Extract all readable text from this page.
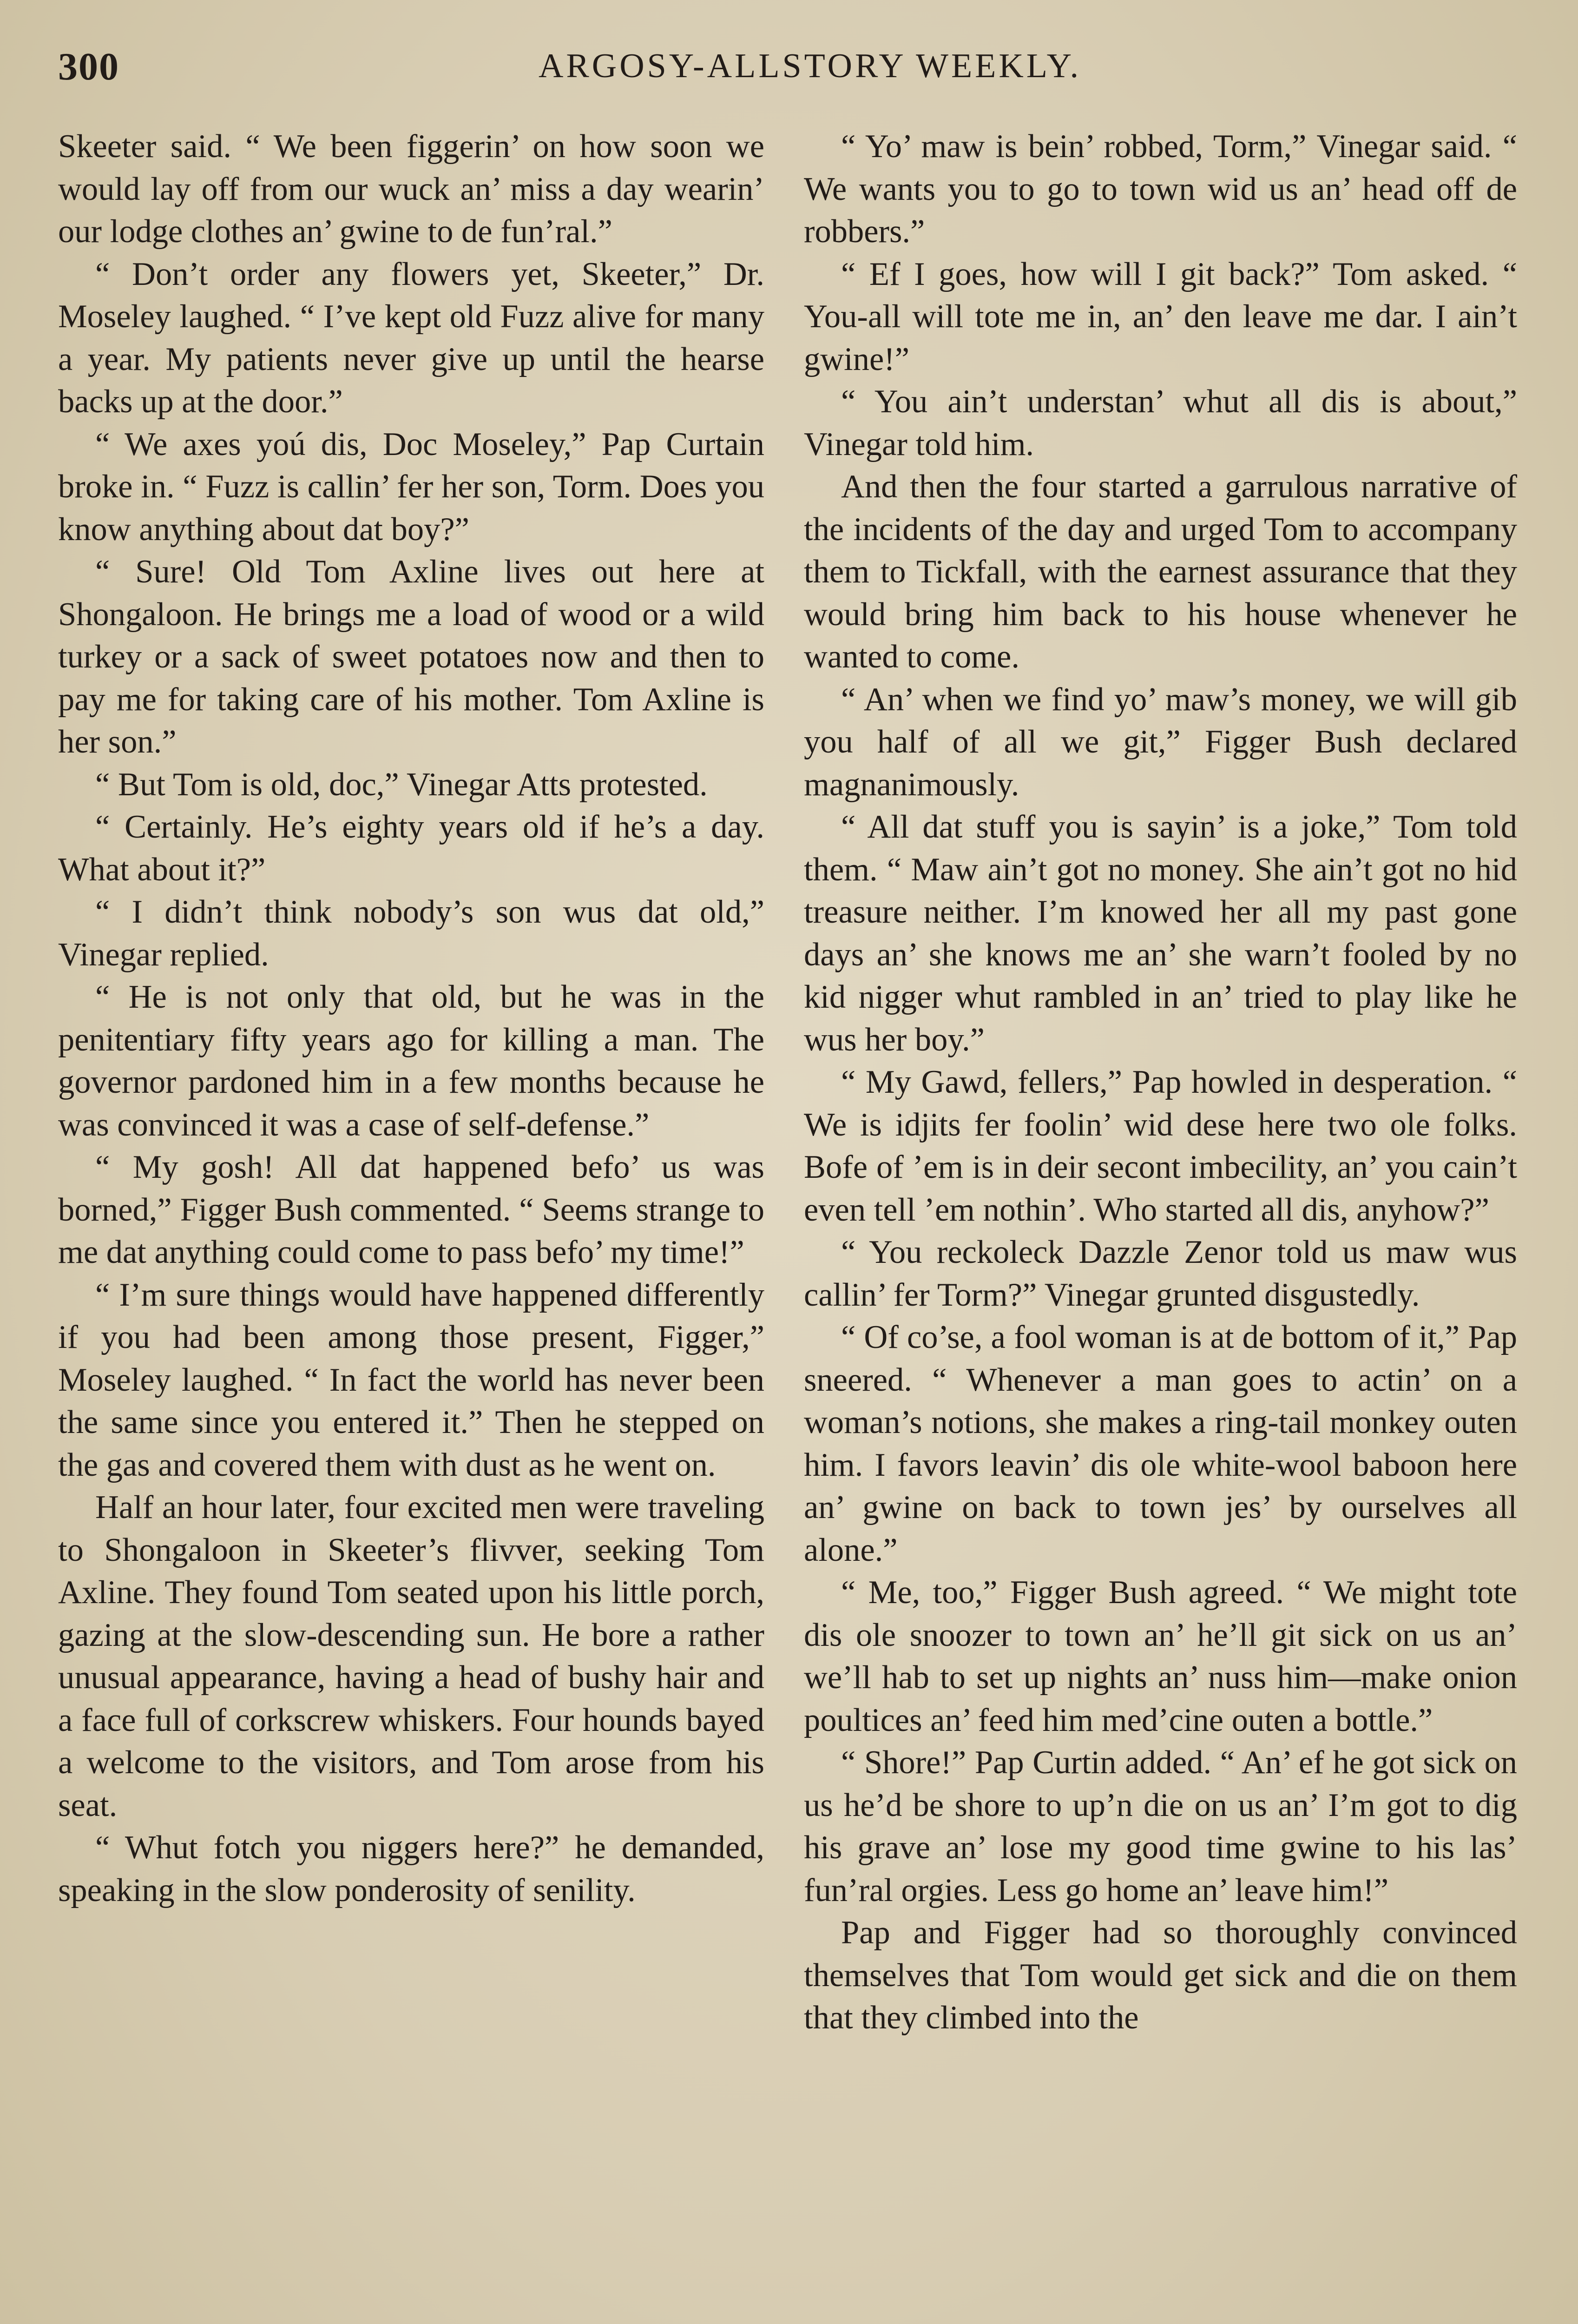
300	ARGOSY-ALLSTORY WEEKLY.

Skeeter said. “ We been figgerin’ on how soon we would lay off from our wuck an’ miss a day wearin’ our lodge clothes an’ gwine to de fun’ral.”

“ Don’t order any flowers yet, Skeeter,” Dr. Moseley laughed. “ I’ve kept old Fuzz alive for many a year. My patients never give up until the hearse backs up at the door.”

“ We axes yoú dis, Doc Moseley,” Pap Curtain broke in. “ Fuzz is callin’ fer her son, Torm. Does you know anything about dat boy?”

“ Sure! Old Tom Axline lives out here at Shongaloon. He brings me a load of wood or a wild turkey or a sack of sweet potatoes now and then to pay me for taking care of his mother. Tom Axline is her son.”

“ But Tom is old, doc,” Vinegar Atts protested.

“ Certainly. He’s eighty years old if he’s a day. What about it?”

“ I didn’t think nobody’s son wus dat old,” Vinegar replied.

“ He is not only that old, but he was in the penitentiary fifty years ago for killing a man. The governor pardoned him in a few months because he was convinced it was a case of self-defense.”

“ My gosh! All dat happened befo’ us was borned,” Figger Bush commented. “ Seems strange to me dat anything could come to pass befo’ my time!”

“ I’m sure things would have happened differently if you had been among those present, Figger,” Moseley laughed. “ In fact the world has never been the same since you entered it.” Then he stepped on the gas and covered them with dust as he went on.

Half an hour later, four excited men were traveling to Shongaloon in Skeeter’s flivver, seeking Tom Axline. They found Tom seated upon his little porch, gazing at the slow-descending sun. He bore a rather unusual appearance, having a head of bushy hair and a face full of corkscrew whiskers. Four hounds bayed a welcome to the visitors, and Tom arose from his seat.

“ Whut fotch you niggers here?” he demanded, speaking in the slow ponderosity of senility.

“ Yo’ maw is bein’ robbed, Torm,” Vinegar said. “ We wants you to go to town wid us an’ head off de robbers.”

“ Ef I goes, how will I git back?” Tom asked. “ You-all will tote me in, an’ den leave me dar. I ain’t gwine!”

“ You ain’t understan’ whut all dis is about,” Vinegar told him.

And then the four started a garrulous narrative of the incidents of the day and urged Tom to accompany them to Tickfall, with the earnest assurance that they would bring him back to his house whenever he wanted to come.

“ An’ when we find yo’ maw’s money, we will gib you half of all we git,” Figger Bush declared magnanimously.

“ All dat stuff you is sayin’ is a joke,” Tom told them. “ Maw ain’t got no money. She ain’t got no hid treasure neither. I’m knowed her all my past gone days an’ she knows me an’ she warn’t fooled by no kid nigger whut rambled in an’ tried to play like he wus her boy.”

“ My Gawd, fellers,” Pap howled in desperation. “ We is idjits fer foolin’ wid dese here two ole folks. Bofe of ’em is in deir secont imbecility, an’ you cain’t even tell ’em nothin’. Who started all dis, anyhow?”

“ You reckoleck Dazzle Zenor told us maw wus callin’ fer Torm?” Vinegar grunted disgustedly.

“ Of co’se, a fool woman is at de bottom of it,” Pap sneered. “ Whenever a man goes to actin’ on a woman’s notions, she makes a ring-tail monkey outen him. I favors leavin’ dis ole white-wool baboon here an’ gwine on back to town jes’ by ourselves all alone.”

“ Me, too,” Figger Bush agreed. “ We might tote dis ole snoozer to town an’ he’ll git sick on us an’ we’ll hab to set up nights an’ nuss him—make onion poultices an’ feed him med’cine outen a bottle.”

“ Shore!” Pap Curtin added. “ An’ ef he got sick on us he’d be shore to up’n die on us an’ I’m got to dig his grave an’ lose my good time gwine to his las’ fun’ral orgies. Less go home an’ leave him!”

Pap and Figger had so thoroughly convinced themselves that Tom would get sick and die on them that they climbed into the
